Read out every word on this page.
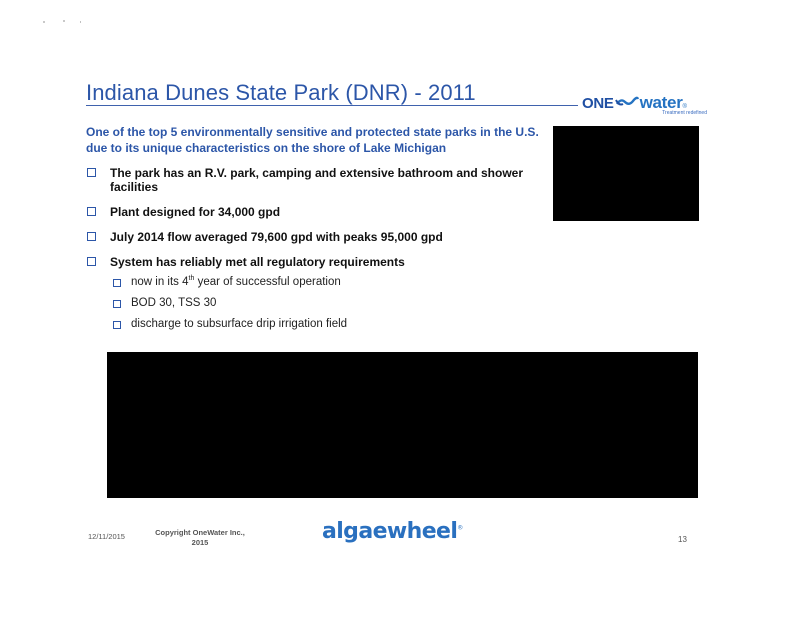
Indiana Dunes State Park (DNR) - 2011	ONE water ®
Treatment redefined
One of the top 5 environmentally sensitive and protected state parks in the U.S. due to its unique characteristics on the shore of Lake Michigan
The park has an R.V. park, camping and extensive bathroom and shower facilities
Plant designed for 34,000 gpd
July 2014 flow averaged 79,600 gpd with peaks 95,000 gpd
System has reliably met all regulatory requirements
now in its 4th year of successful operation
BOD 30, TSS 30
discharge to subsurface drip irrigation field
12/11/2015	Copyright OneWater Inc.,
2015	algaewheel®
13
